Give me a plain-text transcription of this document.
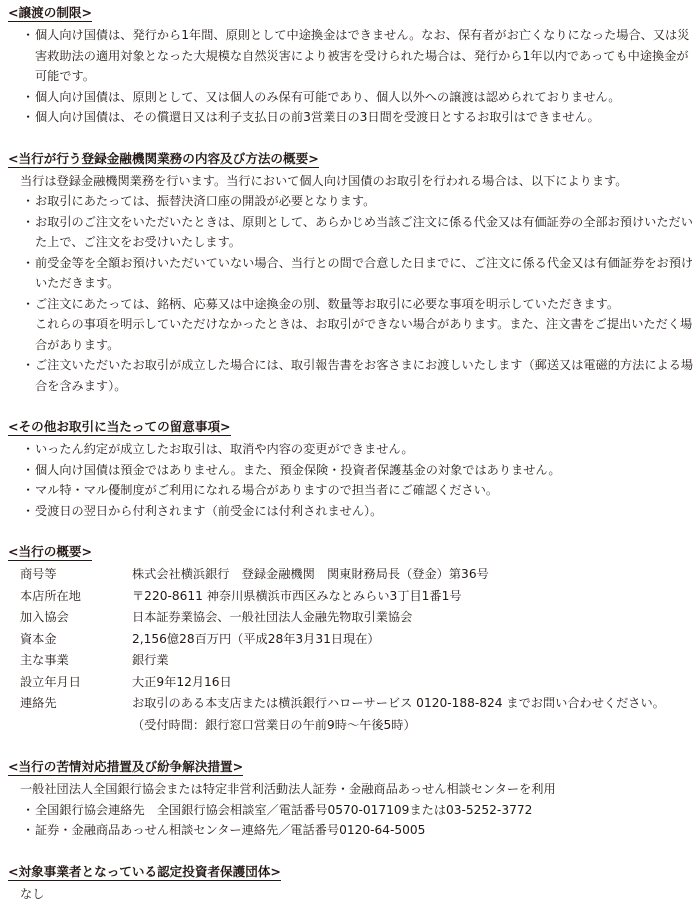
<譲渡の制限>
・ 個人向け国債は、発行から1年間、原則として中途換金はできません。なお、保有者がお亡くなりになった場合、又は災害救助法の適用対象となった大規模な自然災害により被害を受けられた場合は、発行から1年以内であっても中途換金が可能です。
・ 個人向け国債は、原則として、又は個人のみ保有可能であり、個人以外への譲渡は認められておりません。
・ 個人向け国債は、その償還日又は利子支払日の前3営業日の3日間を受渡日とするお取引はできません。
<当行が行う登録金融機関業務の内容及び方法の概要>

当行は登録金融機関業務を行います。当行において個人向け国債のお取引を行われる場合は、以下によります。

・ お取引にあたっては、振替決済口座の開設が必要となります。
・ お取引のご注文をいただいたときは、原則として、あらかじめ当該ご注文に係る代金又は有価証券の全部お預けいただいた上で、ご注文をお受けいたします。
・ 前受金等を全額お預けいただいていない場合、当行との間で合意した日までに、ご注文に係る代金又は有価証券をお預けいただきます。
・ ご注文にあたっては、銘柄、応募又は中途換金の別、数量等お取引に必要な事項を明示していただきます。
これらの事項を明示していただけなかったときは、お取引ができない場合があります。また、注文書をご提出いただく場合があります。
・ ご注文いただいたお取引が成立した場合には、取引報告書をお客さまにお渡しいたします（郵送又は電磁的方法による場合を含みます）。
<その他お取引に当たっての留意事項>
・ いったん約定が成立したお取引は、取消や内容の変更ができません。
・ 個人向け国債は預金ではありません。また、預金保険・投資者保護基金の対象ではありません。
・ マル特・マル優制度がご利用になれる場合がありますので担当者にご確認ください。
・ 受渡日の翌日から付利されます（前受金には付利されません）。
<当行の概要>
商号等	株式会社横浜銀行　登録金融機関　関東財務局長（登金）第36号
本店所在地	〒220-8611 神奈川県横浜市西区みなとみらい3丁目1番1号
加入協会	日本証券業協会、一般社団法人金融先物取引業協会
資本金	2,156億28百万円（平成28年3月31日現在）
主な事業	銀行業
設立年月日	大正9年12月16日
連絡先	お取引のある本支店または横浜銀行ハローサービス 0120-188-824 までお問い合わせください。
（受付時間：銀行窓口営業日の午前9時〜午後5時）
<当行の苦情対応措置及び紛争解決措置>

一般社団法人全国銀行協会または特定非営利活動法人証券・金融商品あっせん相談センターを利用

・ 全国銀行協会連絡先　全国銀行協会相談室／電話番号0570-017109または03-5252-3772
・ 証券・金融商品あっせん相談センター連絡先／電話番号0120-64-5005
<対象事業者となっている認定投資者保護団体>

なし
